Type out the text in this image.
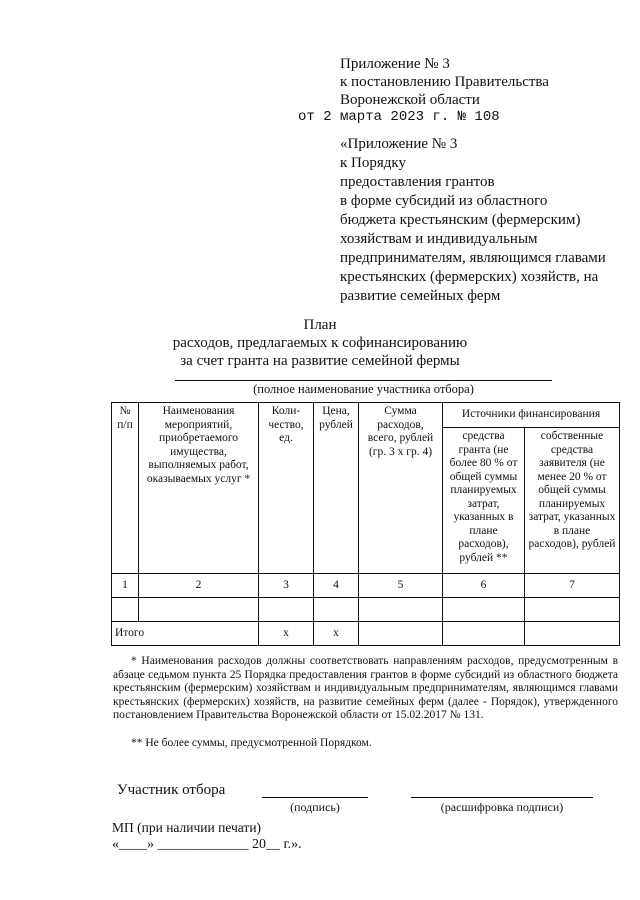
Приложение № 3
к постановлению Правительства
Воронежской области
от 2 марта 2023 г. № 108
«Приложение № 3
к Порядку
предоставления грантов
в форме субсидий из областного
бюджета крестьянским (фермерским)
хозяйствам и индивидуальным
предпринимателям, являющимся главами
крестьянских (фермерских) хозяйств, на
развитие семейных ферм
План
расходов, предлагаемых к софинансированию
за счет гранта на развитие семейной фермы
(полное наименование участника отбора)
№ п/п	Наименования мероприятий, приобретаемого имущества, выполняемых работ, оказываемых услуг *	Коли-чество, ед.	Цена, рублей	Сумма расходов, всего, рублей (гр. 3 х гр. 4)	Источники финансирования	
					средства гранта (не более 80 % от общей суммы планируемых затрат, указанных в плане расходов), рублей **	собственные средства заявителя (не менее 20 % от общей суммы планируемых затрат, указанных в плане расходов), рублей
1	2	3	4	5	6	7

Итого		х	х			
* Наименования расходов должны соответствовать направлениям расходов, предусмотренным в абзаце седьмом пункта 25 Порядка предоставления грантов в форме субсидий из областного бюджета крестьянским (фермерским) хозяйствам и индивидуальным предпринимателям, являющимся главами крестьянских (фермерских) хозяйств, на развитие семейных ферм (далее - Порядок), утвержденного постановлением Правительства Воронежской области от 15.02.2017 № 131.
** Не более суммы, предусмотренной Порядком.
Участник отбора
(подпись)	(расшифровка подписи)
МП (при наличии печати)
«____» _____________ 20__ г.».
